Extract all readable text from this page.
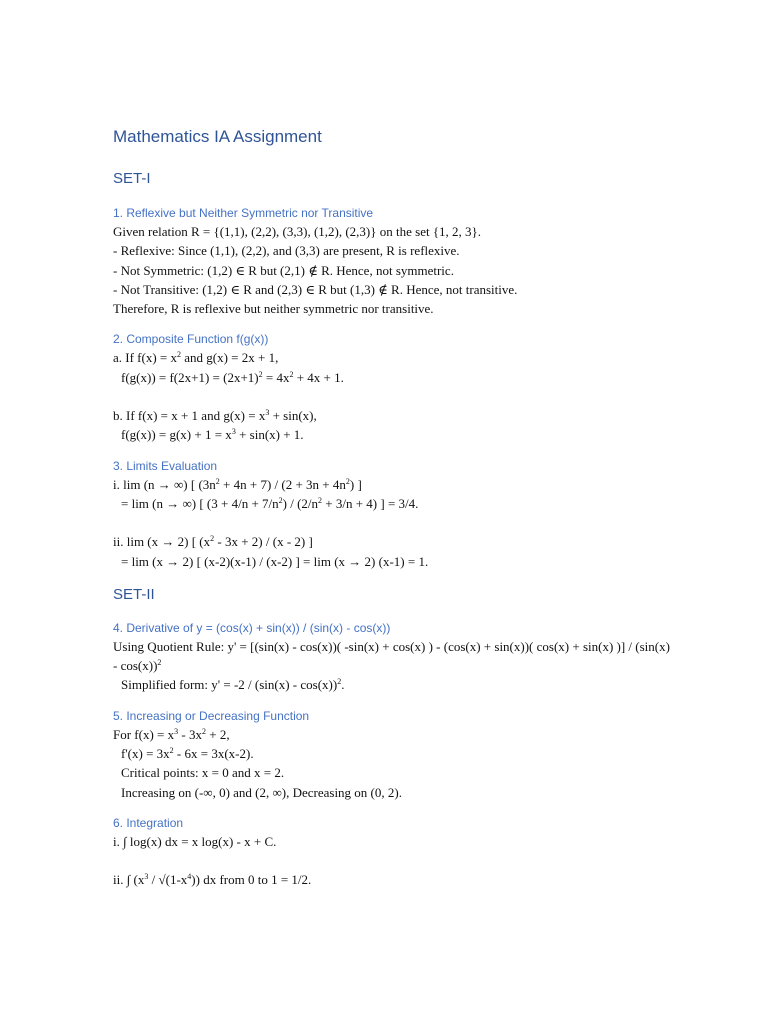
Mathematics IA Assignment
SET-I
1. Reflexive but Neither Symmetric nor Transitive
Given relation R = {(1,1), (2,2), (3,3), (1,2), (2,3)} on the set {1, 2, 3}.
- Reflexive: Since (1,1), (2,2), and (3,3) are present, R is reflexive.
- Not Symmetric: (1,2) ∈ R but (2,1) ∉ R. Hence, not symmetric.
- Not Transitive: (1,2) ∈ R and (2,3) ∈ R but (1,3) ∉ R. Hence, not transitive.
Therefore, R is reflexive but neither symmetric nor transitive.
2. Composite Function f(g(x))
a. If $f(x) = x^2$ and g(x) = 2x + 1,
$f(g(x)) = f(2x+1) = (2x+1)^2 = 4x^2 + 4x + 1$.
b. If f(x) = x + 1 and $g(x) = x^3 + \sin(x)$,
$f(g(x)) = g(x) + 1 = x^3 + \sin(x) + 1$.
3. Limits Evaluation
i. lim (n → ∞) [ $(3n^2 + 4n + 7) / (2 + 3n + 4n^2)$ ]
= lim (n → ∞) [ $(3 + 4/n + 7/n^2) / (2/n^2 + 3/n + 4)$ ] = 3/4.
ii. lim (x → 2) [ $(x^2 - 3x + 2) / (x - 2)$ ]
= lim (x → 2) [ (x-2)(x-1) / (x-2) ] = lim (x → 2) (x-1) = 1.
SET-II
4. Derivative of y = (cos(x) + sin(x)) / (sin(x) - cos(x))
Using Quotient Rule: y' = [(sin(x) - cos(x))( -sin(x) + cos(x) ) - (cos(x) + sin(x))( cos(x) + sin(x) )] / (sin(x) - cos(x))$^2$
Simplified form: y' = -2 / (sin(x) - cos(x))$^2$.
5. Increasing or Decreasing Function
For $f(x) = x^3 - 3x^2 + 2$,
$f'(x) = 3x^2 - 6x = 3x(x-2)$.
Critical points: x = 0 and x = 2.
Increasing on (-∞, 0) and (2, ∞), Decreasing on (0, 2).
6. Integration
i. ∫ log(x) dx = x log(x) - x + C.
ii. ∫ $(x^3 / √(1-x^4))$ dx from 0 to 1 = 1/2.
